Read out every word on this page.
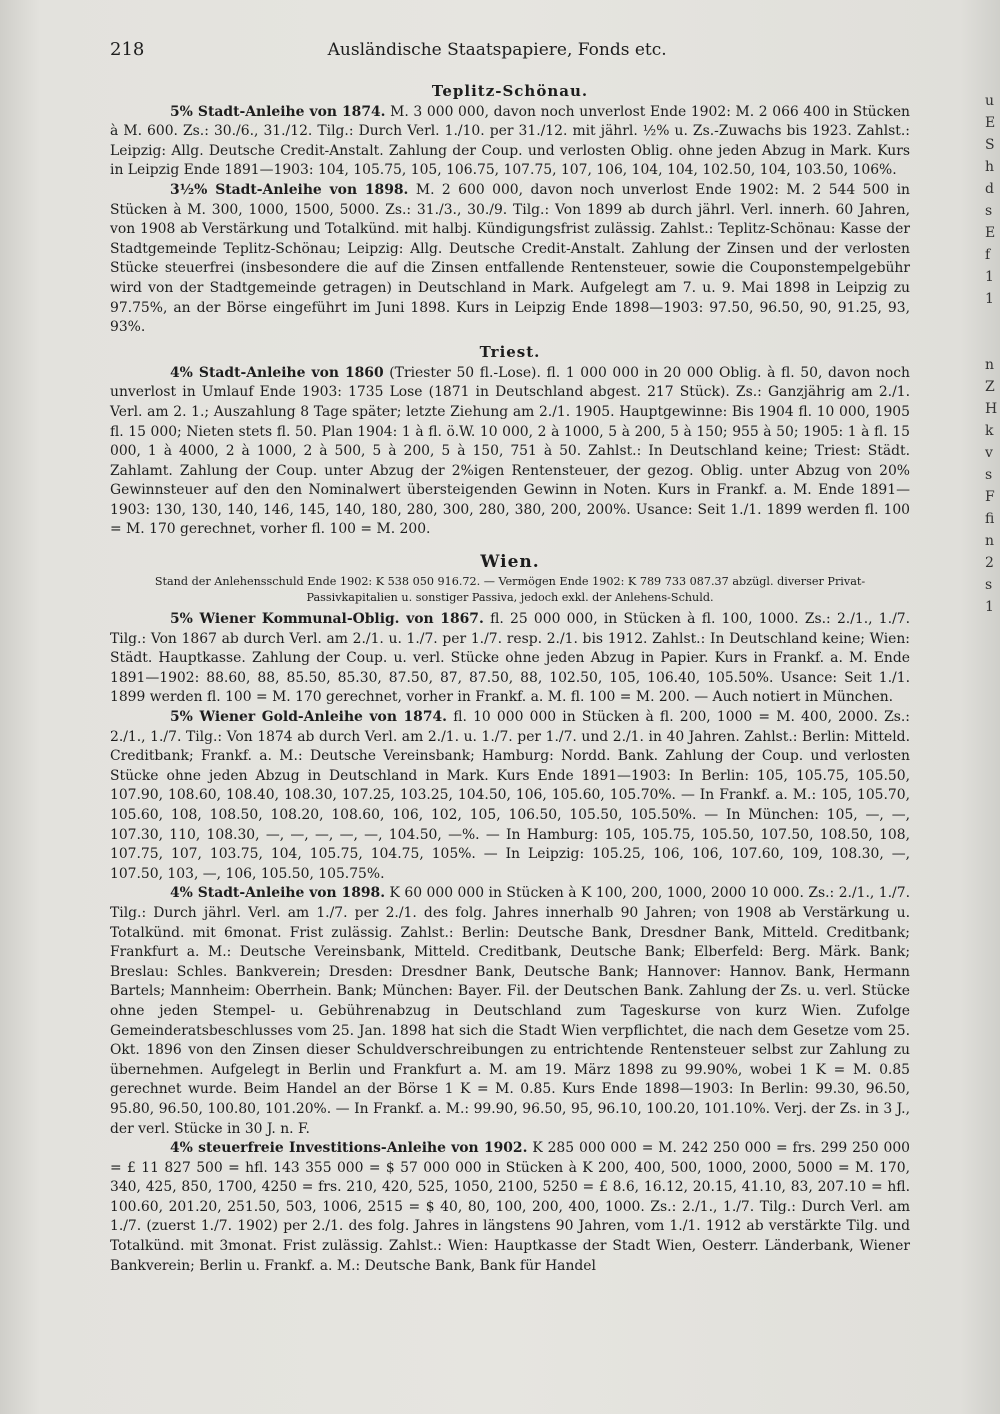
218	Ausländische Staatspapiere, Fonds etc.
Teplitz-Schönau.

5% Stadt-Anleihe von 1874. M. 3 000 000, davon noch unverlost Ende 1902: M. 2 066 400 in Stücken à M. 600. Zs.: 30./6., 31./12. Tilg.: Durch Verl. 1./10. per 31./12. mit jährl. ½% u. Zs.-Zuwachs bis 1923. Zahlst.: Leipzig: Allg. Deutsche Credit-Anstalt. Zahlung der Coup. und verlosten Oblig. ohne jeden Abzug in Mark. Kurs in Leipzig Ende 1891—1903: 104, 105.75, 105, 106.75, 107.75, 107, 106, 104, 104, 102.50, 104, 103.50, 106%.

3½% Stadt-Anleihe von 1898. M. 2 600 000, davon noch unverlost Ende 1902: M. 2 544 500 in Stücken à M. 300, 1000, 1500, 5000. Zs.: 31./3., 30./9. Tilg.: Von 1899 ab durch jährl. Verl. innerh. 60 Jahren, von 1908 ab Verstärkung und Totalkünd. mit halbj. Kündigungsfrist zulässig. Zahlst.: Teplitz-Schönau: Kasse der Stadtgemeinde Teplitz-Schönau; Leipzig: Allg. Deutsche Credit-Anstalt. Zahlung der Zinsen und der verlosten Stücke steuerfrei (insbesondere die auf die Zinsen entfallende Rentensteuer, sowie die Couponstempelgebühr wird von der Stadtgemeinde getragen) in Deutschland in Mark. Aufgelegt am 7. u. 9. Mai 1898 in Leipzig zu 97.75%, an der Börse eingeführt im Juni 1898. Kurs in Leipzig Ende 1898—1903: 97.50, 96.50, 90, 91.25, 93, 93%.

Triest.

4% Stadt-Anleihe von 1860 (Triester 50 fl.-Lose). fl. 1 000 000 in 20 000 Oblig. à fl. 50, davon noch unverlost in Umlauf Ende 1903: 1735 Lose (1871 in Deutschland abgest. 217 Stück). Zs.: Ganzjährig am 2./1. Verl. am 2. 1.; Auszahlung 8 Tage später; letzte Ziehung am 2./1. 1905. Hauptgewinne: Bis 1904 fl. 10 000, 1905 fl. 15 000; Nieten stets fl. 50. Plan 1904: 1 à fl. ö.W. 10 000, 2 à 1000, 5 à 200, 5 à 150; 955 à 50; 1905: 1 à fl. 15 000, 1 à 4000, 2 à 1000, 2 à 500, 5 à 200, 5 à 150, 751 à 50. Zahlst.: In Deutschland keine; Triest: Städt. Zahlamt. Zahlung der Coup. unter Abzug der 2%igen Rentensteuer, der gezog. Oblig. unter Abzug von 20% Gewinnsteuer auf den den Nominalwert übersteigenden Gewinn in Noten. Kurs in Frankf. a. M. Ende 1891—1903: 130, 130, 140, 146, 145, 140, 180, 280, 300, 280, 380, 200, 200%. Usance: Seit 1./1. 1899 werden fl. 100 = M. 170 gerechnet, vorher fl. 100 = M. 200.

Wien.

Stand der Anlehensschuld Ende 1902: K 538 050 916.72. — Vermögen Ende 1902: K 789 733 087.37 abzügl. diverser Privat-Passivkapitalien u. sonstiger Passiva, jedoch exkl. der Anlehens-Schuld.

5% Wiener Kommunal-Oblig. von 1867. fl. 25 000 000, in Stücken à fl. 100, 1000. Zs.: 2./1., 1./7. Tilg.: Von 1867 ab durch Verl. am 2./1. u. 1./7. per 1./7. resp. 2./1. bis 1912. Zahlst.: In Deutschland keine; Wien: Städt. Hauptkasse. Zahlung der Coup. u. verl. Stücke ohne jeden Abzug in Papier. Kurs in Frankf. a. M. Ende 1891—1902: 88.60, 88, 85.50, 85.30, 87.50, 87, 87.50, 88, 102.50, 105, 106.40, 105.50%. Usance: Seit 1./1. 1899 werden fl. 100 = M. 170 gerechnet, vorher in Frankf. a. M. fl. 100 = M. 200. — Auch notiert in München.

5% Wiener Gold-Anleihe von 1874. fl. 10 000 000 in Stücken à fl. 200, 1000 = M. 400, 2000. Zs.: 2./1., 1./7. Tilg.: Von 1874 ab durch Verl. am 2./1. u. 1./7. per 1./7. und 2./1. in 40 Jahren. Zahlst.: Berlin: Mitteld. Creditbank; Frankf. a. M.: Deutsche Vereinsbank; Hamburg: Nordd. Bank. Zahlung der Coup. und verlosten Stücke ohne jeden Abzug in Deutschland in Mark. Kurs Ende 1891—1903: In Berlin: 105, 105.75, 105.50, 107.90, 108.60, 108.40, 108.30, 107.25, 103.25, 104.50, 106, 105.60, 105.70%. — In Frankf. a. M.: 105, 105.70, 105.60, 108, 108.50, 108.20, 108.60, 106, 102, 105, 106.50, 105.50, 105.50%. — In München: 105, —, —, 107.30, 110, 108.30, —, —, —, —, —, 104.50, —%. — In Hamburg: 105, 105.75, 105.50, 107.50, 108.50, 108, 107.75, 107, 103.75, 104, 105.75, 104.75, 105%. — In Leipzig: 105.25, 106, 106, 107.60, 109, 108.30, —, 107.50, 103, —, 106, 105.50, 105.75%.

4% Stadt-Anleihe von 1898. K 60 000 000 in Stücken à K 100, 200, 1000, 2000 10 000. Zs.: 2./1., 1./7. Tilg.: Durch jährl. Verl. am 1./7. per 2./1. des folg. Jahres innerhalb 90 Jahren; von 1908 ab Verstärkung u. Totalkünd. mit 6monat. Frist zulässig. Zahlst.: Berlin: Deutsche Bank, Dresdner Bank, Mitteld. Creditbank; Frankfurt a. M.: Deutsche Vereinsbank, Mitteld. Creditbank, Deutsche Bank; Elberfeld: Berg. Märk. Bank; Breslau: Schles. Bankverein; Dresden: Dresdner Bank, Deutsche Bank; Hannover: Hannov. Bank, Hermann Bartels; Mannheim: Oberrhein. Bank; München: Bayer. Fil. der Deutschen Bank. Zahlung der Zs. u. verl. Stücke ohne jeden Stempel- u. Gebührenabzug in Deutschland zum Tageskurse von kurz Wien. Zufolge Gemeinderatsbeschlusses vom 25. Jan. 1898 hat sich die Stadt Wien verpflichtet, die nach dem Gesetze vom 25. Okt. 1896 von den Zinsen dieser Schuldverschreibungen zu entrichtende Rentensteuer selbst zur Zahlung zu übernehmen. Aufgelegt in Berlin und Frankfurt a. M. am 19. März 1898 zu 99.90%, wobei 1 K = M. 0.85 gerechnet wurde. Beim Handel an der Börse 1 K = M. 0.85. Kurs Ende 1898—1903: In Berlin: 99.30, 96.50, 95.80, 96.50, 100.80, 101.20%. — In Frankf. a. M.: 99.90, 96.50, 95, 96.10, 100.20, 101.10%. Verj. der Zs. in 3 J., der verl. Stücke in 30 J. n. F.

4% steuerfreie Investitions-Anleihe von 1902. K 285 000 000 = M. 242 250 000 = frs. 299 250 000 = £ 11 827 500 = hfl. 143 355 000 = $ 57 000 000 in Stücken à K 200, 400, 500, 1000, 2000, 5000 = M. 170, 340, 425, 850, 1700, 4250 = frs. 210, 420, 525, 1050, 2100, 5250 = £ 8.6, 16.12, 20.15, 41.10, 83, 207.10 = hfl. 100.60, 201.20, 251.50, 503, 1006, 2515 = $ 40, 80, 100, 200, 400, 1000. Zs.: 2./1., 1./7. Tilg.: Durch Verl. am 1./7. (zuerst 1./7. 1902) per 2./1. des folg. Jahres in längstens 90 Jahren, vom 1./1. 1912 ab verstärkte Tilg. und Totalkünd. mit 3monat. Frist zulässig. Zahlst.: Wien: Hauptkasse der Stadt Wien, Oesterr. Länderbank, Wiener Bankverein; Berlin u. Frankf. a. M.: Deutsche Bank, Bank für Handel

u
E
S
h
d
s
E
f
1
1
n
Z
H
k
v
s
F
fi
n
2
s
1
